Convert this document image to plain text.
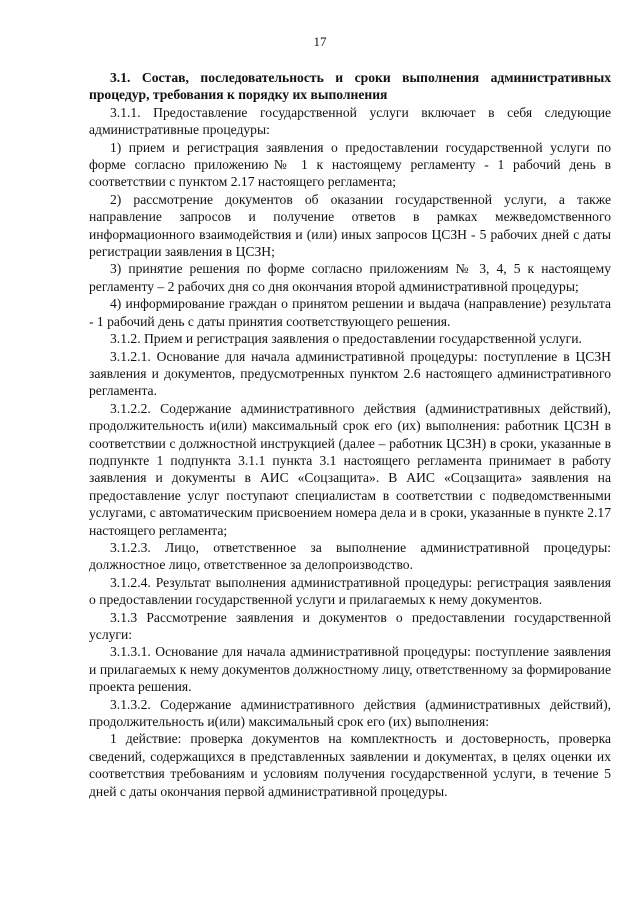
17

3.1. Состав, последовательность и сроки выполнения административных процедур, требования к порядку их выполнения

3.1.1. Предоставление государственной услуги включает в себя следующие административные процедуры:

1) прием и регистрация заявления о предоставлении государственной услуги по форме согласно приложению№ 1 к настоящему регламенту - 1 рабочий день в соответствии с пунктом 2.17 настоящего регламента;

2) рассмотрение документов об оказании государственной услуги, а также направление запросов и получение ответов в рамках межведомственного информационного взаимодействия и (или) иных запросов ЦСЗН - 5 рабочих дней с даты регистрации заявления в ЦСЗН;

3) принятие решения по форме согласно приложениям № 3, 4, 5 к настоящему регламенту – 2 рабочих дня со дня окончания второй административной процедуры;

4) информирование граждан о принятом решении и выдача (направление) результата - 1 рабочий день с даты принятия соответствующего решения.

3.1.2. Прием и регистрация заявления о предоставлении государственной услуги.

3.1.2.1. Основание для начала административной процедуры: поступление в ЦСЗН заявления и документов, предусмотренных пунктом 2.6 настоящего административного регламента.

3.1.2.2. Содержание административного действия (административных действий), продолжительность и(или) максимальный срок его (их) выполнения: работник ЦСЗН в соответствии с должностной инструкцией (далее – работник ЦСЗН) в сроки, указанные в подпункте 1 подпункта 3.1.1 пункта 3.1 настоящего регламента принимает в работу заявления и документы в АИС «Соцзащита». В АИС «Соцзащита» заявления на предоставление услуг поступают специалистам в соответствии с подведомственными услугами, с автоматическим присвоением номера дела и в сроки, указанные в пункте 2.17 настоящего регламента;

3.1.2.3. Лицо, ответственное за выполнение административной процедуры: должностное лицо, ответственное за делопроизводство.

3.1.2.4. Результат выполнения административной процедуры: регистрация заявления о предоставлении государственной услуги и прилагаемых к нему документов.

3.1.3 Рассмотрение заявления и документов о предоставлении государственной услуги:

3.1.3.1. Основание для начала административной процедуры: поступление заявления и прилагаемых к нему документов должностному лицу, ответственному за формирование проекта решения.

3.1.3.2. Содержание административного действия (административных действий), продолжительность и(или) максимальный срок его (их) выполнения:

1 действие: проверка документов на комплектность и достоверность, проверка сведений, содержащихся в представленных заявлении и документах, в целях оценки их соответствия требованиям и условиям получения государственной услуги, в течение 5 дней с даты окончания первой административной процедуры.
